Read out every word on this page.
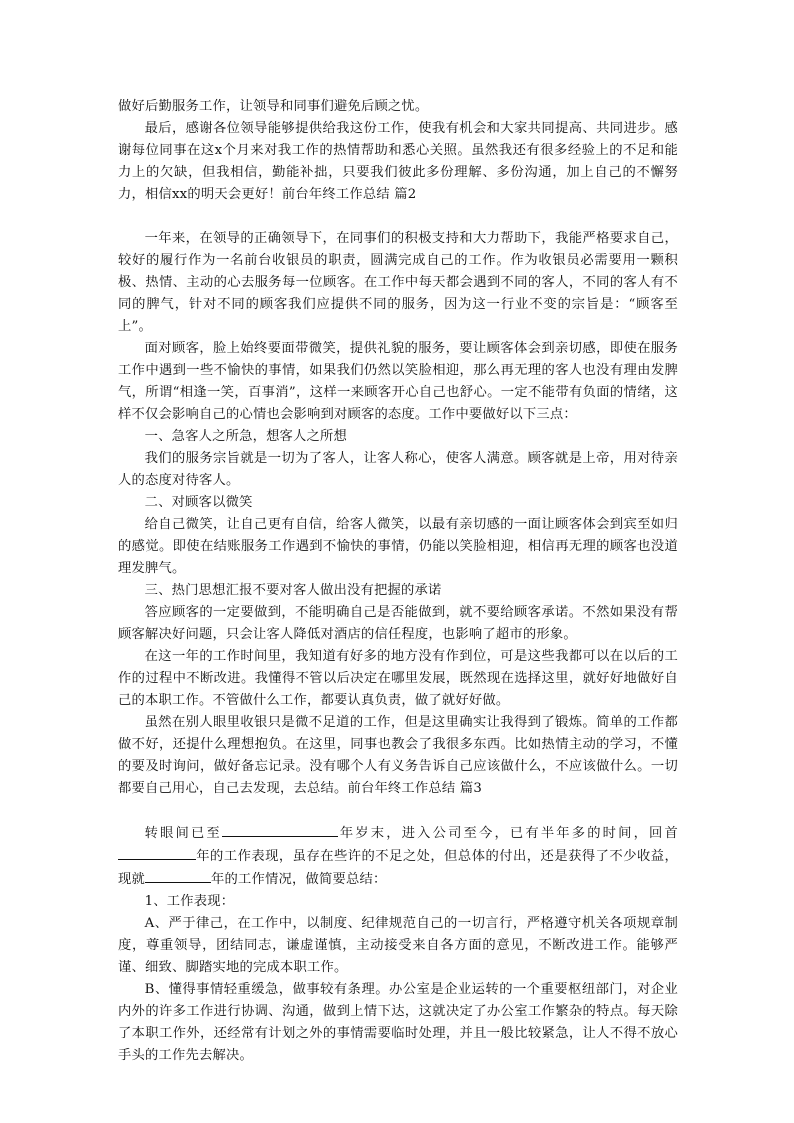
做好后勤服务工作，让领导和同事们避免后顾之忧。

最后，感谢各位领导能够提供给我这份工作，使我有机会和大家共同提高、共同进步。感谢每位同事在这x个月来对我工作的热情帮助和悉心关照。虽然我还有很多经验上的不足和能力上的欠缺，但我相信，勤能补拙，只要我们彼此多份理解、多份沟通，加上自己的不懈努力，相信xx的明天会更好！前台年终工作总结 篇2

一年来，在领导的正确领导下，在同事们的积极支持和大力帮助下，我能严格要求自己，较好的履行作为一名前台收银员的职责，圆满完成自己的工作。作为收银员必需要用一颗积极、热情、主动的心去服务每一位顾客。在工作中每天都会遇到不同的客人，不同的客人有不同的脾气，针对不同的顾客我们应提供不同的服务，因为这一行业不变的宗旨是：“顾客至上”。

面对顾客，脸上始终要面带微笑，提供礼貌的服务，要让顾客体会到亲切感，即使在服务工作中遇到一些不愉快的事情，如果我们仍然以笑脸相迎，那么再无理的客人也没有理由发脾气，所谓“相逢一笑，百事消”，这样一来顾客开心自己也舒心。一定不能带有负面的情绪，这样不仅会影响自己的心情也会影响到对顾客的态度。工作中要做好以下三点：

一、急客人之所急，想客人之所想

我们的服务宗旨就是一切为了客人，让客人称心，使客人满意。顾客就是上帝，用对待亲人的态度对待客人。

二、对顾客以微笑

给自己微笑，让自己更有自信，给客人微笑，以最有亲切感的一面让顾客体会到宾至如归的感觉。即使在结账服务工作遇到不愉快的事情，仍能以笑脸相迎，相信再无理的顾客也没道理发脾气。

三、热门思想汇报不要对客人做出没有把握的承诺

答应顾客的一定要做到，不能明确自己是否能做到，就不要给顾客承诺。不然如果没有帮顾客解决好问题，只会让客人降低对酒店的信任程度，也影响了超市的形象。

在这一年的工作时间里，我知道有好多的地方没有作到位，可是这些我都可以在以后的工作的过程中不断改进。我懂得不管以后决定在哪里发展，既然现在选择这里，就好好地做好自己的本职工作。不管做什么工作，都要认真负责，做了就好好做。

虽然在别人眼里收银只是微不足道的工作，但是这里确实让我得到了锻炼。简单的工作都做不好，还提什么理想抱负。在这里，同事也教会了我很多东西。比如热情主动的学习，不懂的要及时询问，做好备忘记录。没有哪个人有义务告诉自己应该做什么，不应该做什么。一切都要自己用心，自己去发现，去总结。前台年终工作总结 篇3

转眼间已至	年岁末，进入公司至今，已有半年多的时间，回首年的工作表现，虽存在些许的不足之处，但总体的付出，还是获得了不少收益，现就	年的工作情况，做简要总结：

1、工作表现：

A、严于律己，在工作中，以制度、纪律规范自己的一切言行，严格遵守机关各项规章制度，尊重领导，团结同志，谦虚谨慎，主动接受来自各方面的意见，不断改进工作。能够严谨、细致、脚踏实地的完成本职工作。

B、懂得事情轻重缓急，做事较有条理。办公室是企业运转的一个重要枢纽部门，对企业内外的许多工作进行协调、沟通，做到上情下达，这就决定了办公室工作繁杂的特点。每天除了本职工作外，还经常有计划之外的事情需要临时处理，并且一般比较紧急，让人不得不放心手头的工作先去解决。
